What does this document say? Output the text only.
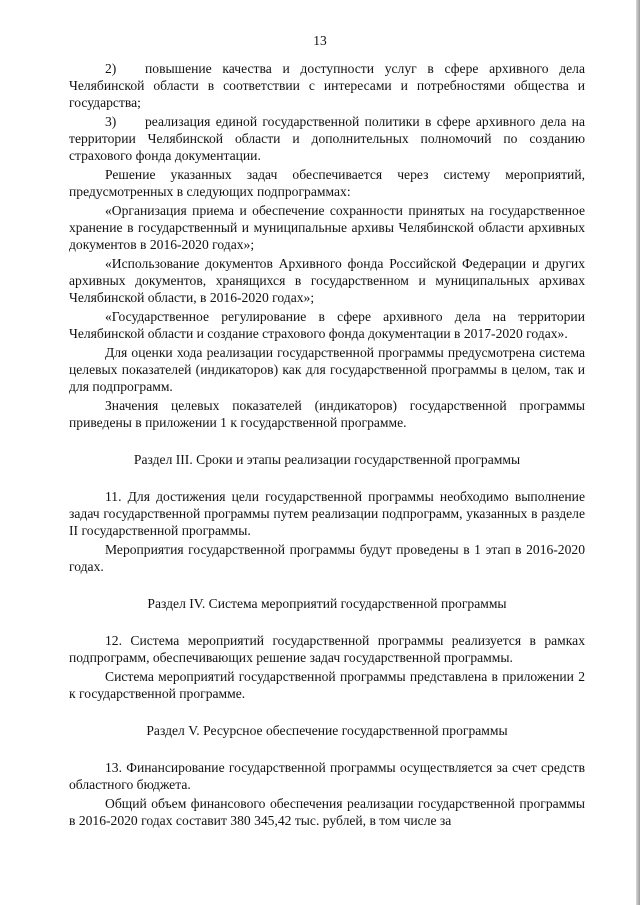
13

2) повышение качества и доступности услуг в сфере архивного дела Челябинской области в соответствии с интересами и потребностями общества и государства;

3) реализация единой государственной политики в сфере архивного дела на территории Челябинской области и дополнительных полномочий по созданию страхового фонда документации.

Решение указанных задач обеспечивается через систему мероприятий, предусмотренных в следующих подпрограммах:

«Организация приема и обеспечение сохранности принятых на государственное хранение в государственный и муниципальные архивы Челябинской области архивных документов в 2016-2020 годах»;

«Использование документов Архивного фонда Российской Федерации и других архивных документов, хранящихся в государственном и муниципальных архивах Челябинской области, в 2016-2020 годах»;

«Государственное регулирование в сфере архивного дела на территории Челябинской области и создание страхового фонда документации в 2017-2020 годах».

Для оценки хода реализации государственной программы предусмотрена система целевых показателей (индикаторов) как для государственной программы в целом, так и для подпрограмм.

Значения целевых показателей (индикаторов) государственной программы приведены в приложении 1 к государственной программе.

Раздел III. Сроки и этапы реализации государственной программы

11. Для достижения цели государственной программы необходимо выполнение задач государственной программы путем реализации подпрограмм, указанных в разделе II государственной программы.

Мероприятия государственной программы будут проведены в 1 этап в 2016-2020 годах.

Раздел IV. Система мероприятий государственной программы

12. Система мероприятий государственной программы реализуется в рамках подпрограмм, обеспечивающих решение задач государственной программы.

Система мероприятий государственной программы представлена в приложении 2 к государственной программе.

Раздел V. Ресурсное обеспечение государственной программы

13. Финансирование государственной программы осуществляется за счет средств областного бюджета.

Общий объем финансового обеспечения реализации государственной программы в 2016-2020 годах составит 380 345,42 тыс. рублей, в том числе за
